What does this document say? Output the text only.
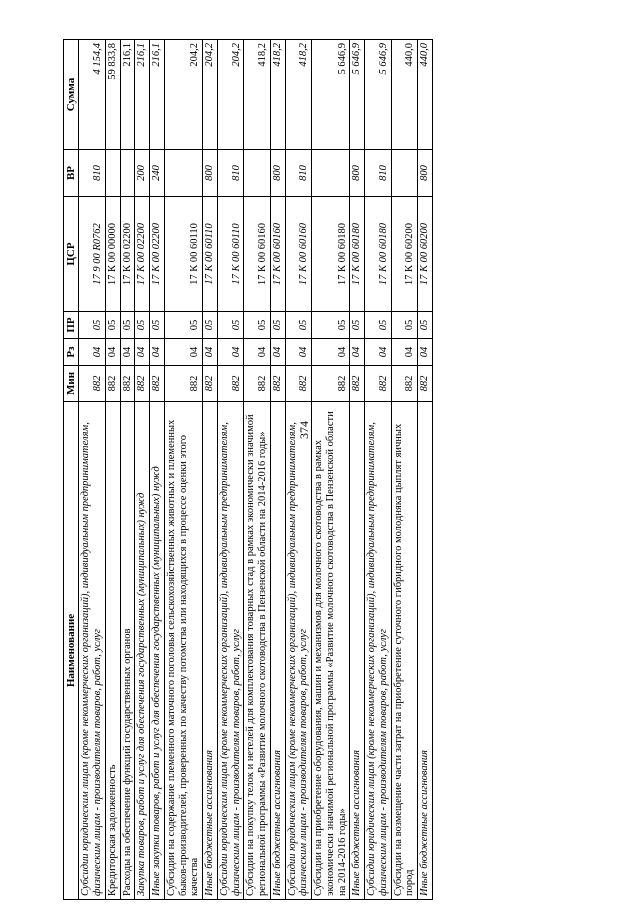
374
Наименование	Мин	Рз	ПР	ЦСР	ВР	Сумма
Субсидии юридическим лицам (кроме некоммерческих организаций), индивидуальным предпринимателям, физическим лицам - производителям товаров, работ, услуг	882	04	05	17 9 00 R0762	810	4 154,4
Кредиторская задолженность	882	04	05	17 К 00 00000		59 833,8
Расходы на обеспечение функций государственных органов	882	04	05	17 К 00 02200		216,1
Закупка товаров, работ и услуг для обеспечения государственных (муниципальных) нужд	882	04	05	17 К 00 02200	200	216,1
Иные закупки товаров, работ и услуг для обеспечения государственных (муниципальных) нужд	882	04	05	17 К 00 02200	240	216,1
Субсидии на содержание племенного маточного поголовья сельскохозяйственных животных и племенных быков-производителей, проверенных по качеству потомства или находящихся в процессе оценки этого качества	882	04	05	17 К 00 60110		204,2
Иные бюджетные ассигнования	882	04	05	17 К 00 60110	800	204,2
Субсидии юридическим лицам (кроме некоммерческих организаций), индивидуальным предпринимателям, физическим лицам - производителям товаров, работ, услуг	882	04	05	17 К 00 60110	810	204,2
Субсидии на покупку телок и нетелей для комплектования товарных стад в рамках экономически значимой региональной программы «Развитие молочного скотоводства в Пензенской области на 2014-2016 годы»	882	04	05	17 К 00 60160		418,2
Иные бюджетные ассигнования	882	04	05	17 К 00 60160	800	418,2
Субсидии юридическим лицам (кроме некоммерческих организаций), индивидуальным предпринимателям, физическим лицам - производителям товаров, работ, услуг	882	04	05	17 К 00 60160	810	418,2
Субсидии на приобретение оборудования, машин и механизмов для молочного скотоводства в рамках экономически значимой региональной программы «Развитие молочного скотоводства в Пензенской области на 2014-2016 годы»	882	04	05	17 К 00 60180		5 646,9
Иные бюджетные ассигнования	882	04	05	17 К 00 60180	800	5 646,9
Субсидии юридическим лицам (кроме некоммерческих организаций), индивидуальным предпринимателям, физическим лицам - производителям товаров, работ, услуг	882	04	05	17 К 00 60180	810	5 646,9
Субсидии на возмещение части затрат на приобретение суточного гибридного молодняка цыплят яичных пород	882	04	05	17 К 00 60200		440,0
Иные бюджетные ассигнования	882	04	05	17 К 00 60200	800	440,0
